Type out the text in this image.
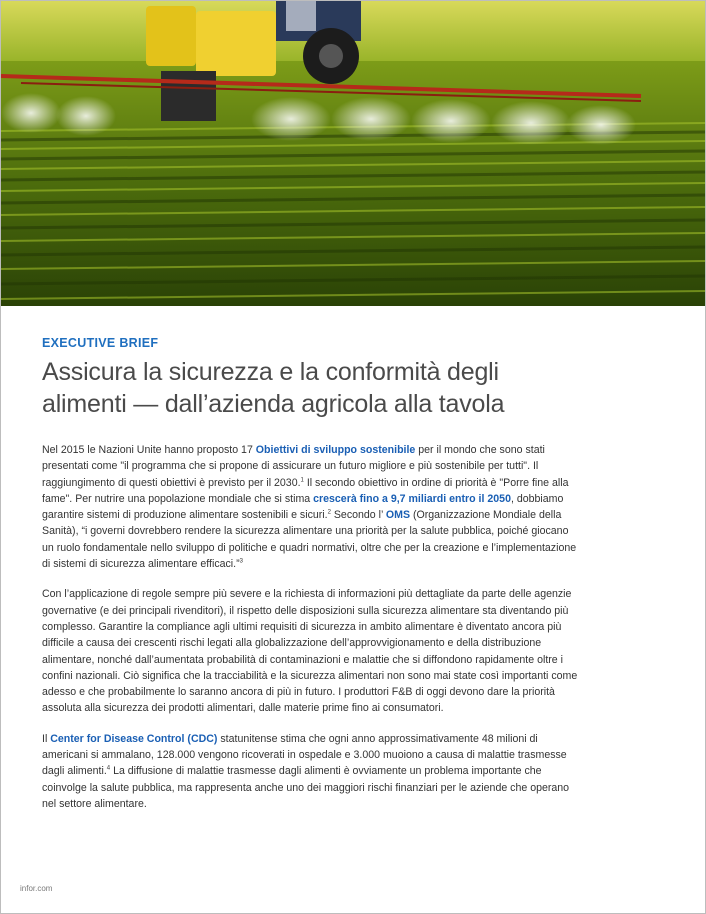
EXECUTIVE BRIEF
Assicura la sicurezza e la conformità degli
alimenti — dall’azienda agricola alla tavola

Nel 2015 le Nazioni Unite hanno proposto 17 Obiettivi di sviluppo sostenibile per il mondo che sono stati presentati come "il programma che si propone di assicurare un futuro migliore e più sostenibile per tutti". Il raggiungimento di questi obiettivi è previsto per il 2030.$^1$ Il secondo obiettivo in ordine di priorità è "Porre fine alla fame". Per nutrire una popolazione mondiale che si stima crescerà fino a 9,7 miliardi entro il 2050, dobbiamo garantire sistemi di produzione alimentare sostenibili e sicuri.$^2$ Secondo l’ OMS (Organizzazione Mondiale della Sanità), “i governi dovrebbero rendere la sicurezza alimentare una priorità per la salute pubblica, poiché giocano un ruolo fondamentale nello sviluppo di politiche e quadri normativi, oltre che per la creazione e l’implementazione di sistemi di sicurezza alimentare efficaci.”$^3$

Con l’applicazione di regole sempre più severe e la richiesta di informazioni più dettagliate da parte delle agenzie governative (e dei principali rivenditori), il rispetto delle disposizioni sulla sicurezza alimentare sta diventando più complesso. Garantire la compliance agli ultimi requisiti di sicurezza in ambito alimentare è diventato ancora più difficile a causa dei crescenti rischi legati alla globalizzazione dell’approvvigionamento e della distribuzione alimentare, nonché dall’aumentata probabilità di contaminazioni e malattie che si diffondono rapidamente oltre i confini nazionali. Ciò significa che la tracciabilità e la sicurezza alimentari non sono mai state così importanti come adesso e che probabilmente lo saranno ancora di più in futuro. I produttori F&B di oggi devono dare la priorità assoluta alla sicurezza dei prodotti alimentari, dalle materie prime fino ai consumatori.

Il Center for Disease Control (CDC) statunitense stima che ogni anno approssimativamente 48 milioni di americani si ammalano, 128.000 vengono ricoverati in ospedale e 3.000 muoiono a causa di malattie trasmesse dagli alimenti.$^4$ La diffusione di malattie trasmesse dagli alimenti è ovviamente un problema importante che coinvolge la salute pubblica, ma rappresenta anche uno dei maggiori rischi finanziari per le aziende che operano nel settore alimentare.

infor.com
